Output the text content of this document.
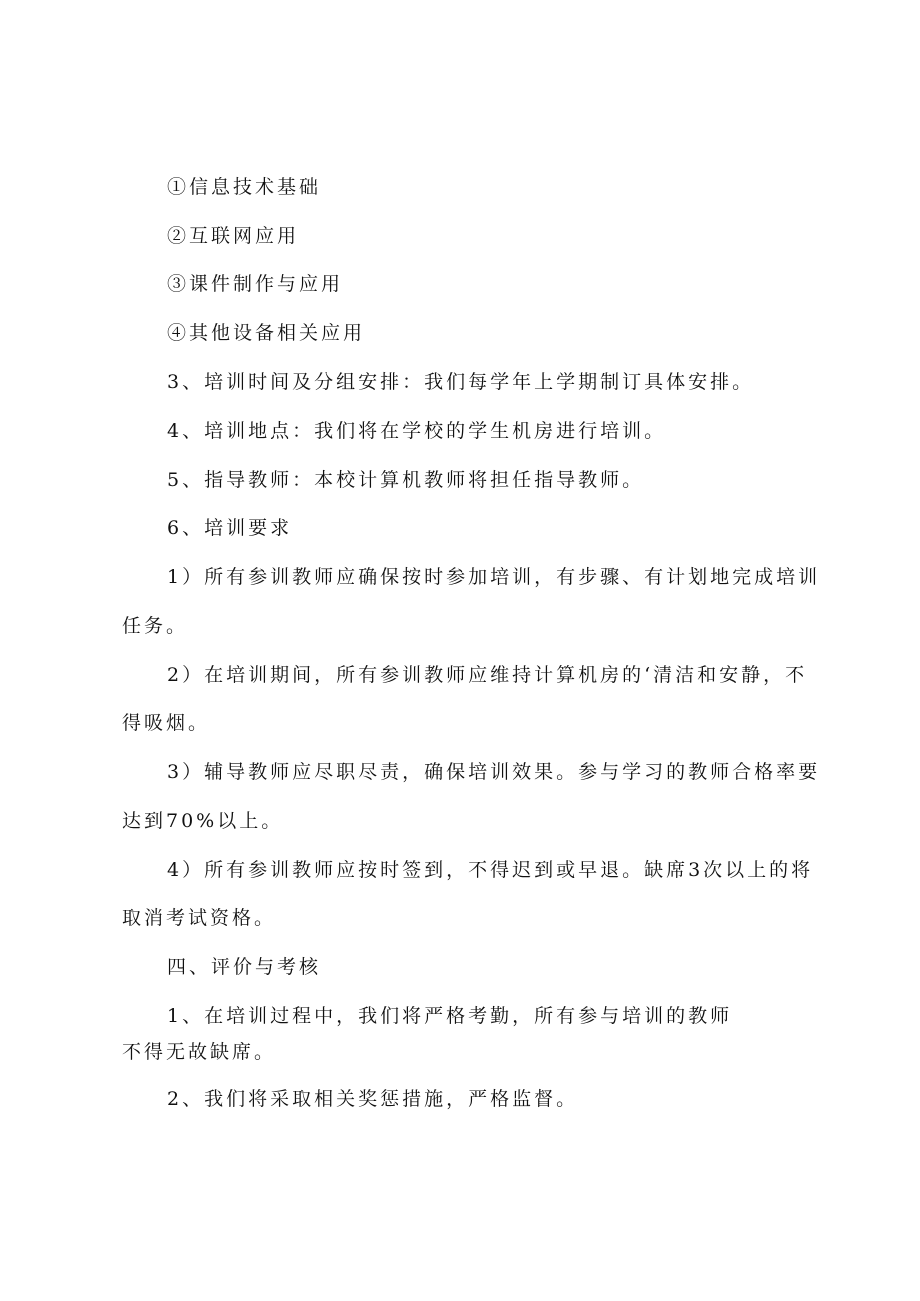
①信息技术基础
②互联网应用
③课件制作与应用
④其他设备相关应用
3、培训时间及分组安排：我们每学年上学期制订具体安排。
4、培训地点：我们将在学校的学生机房进行培训。
5、指导教师：本校计算机教师将担任指导教师。
6、培训要求
1）所有参训教师应确保按时参加培训，有步骤、有计划地完成培训
任务。
2）在培训期间，所有参训教师应维持计算机房的‘清洁和安静，不
得吸烟。
3）辅导教师应尽职尽责，确保培训效果。参与学习的教师合格率要
达到70%以上。
4）所有参训教师应按时签到，不得迟到或早退。缺席3次以上的将
取消考试资格。
四、评价与考核
1、在培训过程中，我们将严格考勤，所有参与培训的教师
不得无故缺席。
2、我们将采取相关奖惩措施，严格监督。
